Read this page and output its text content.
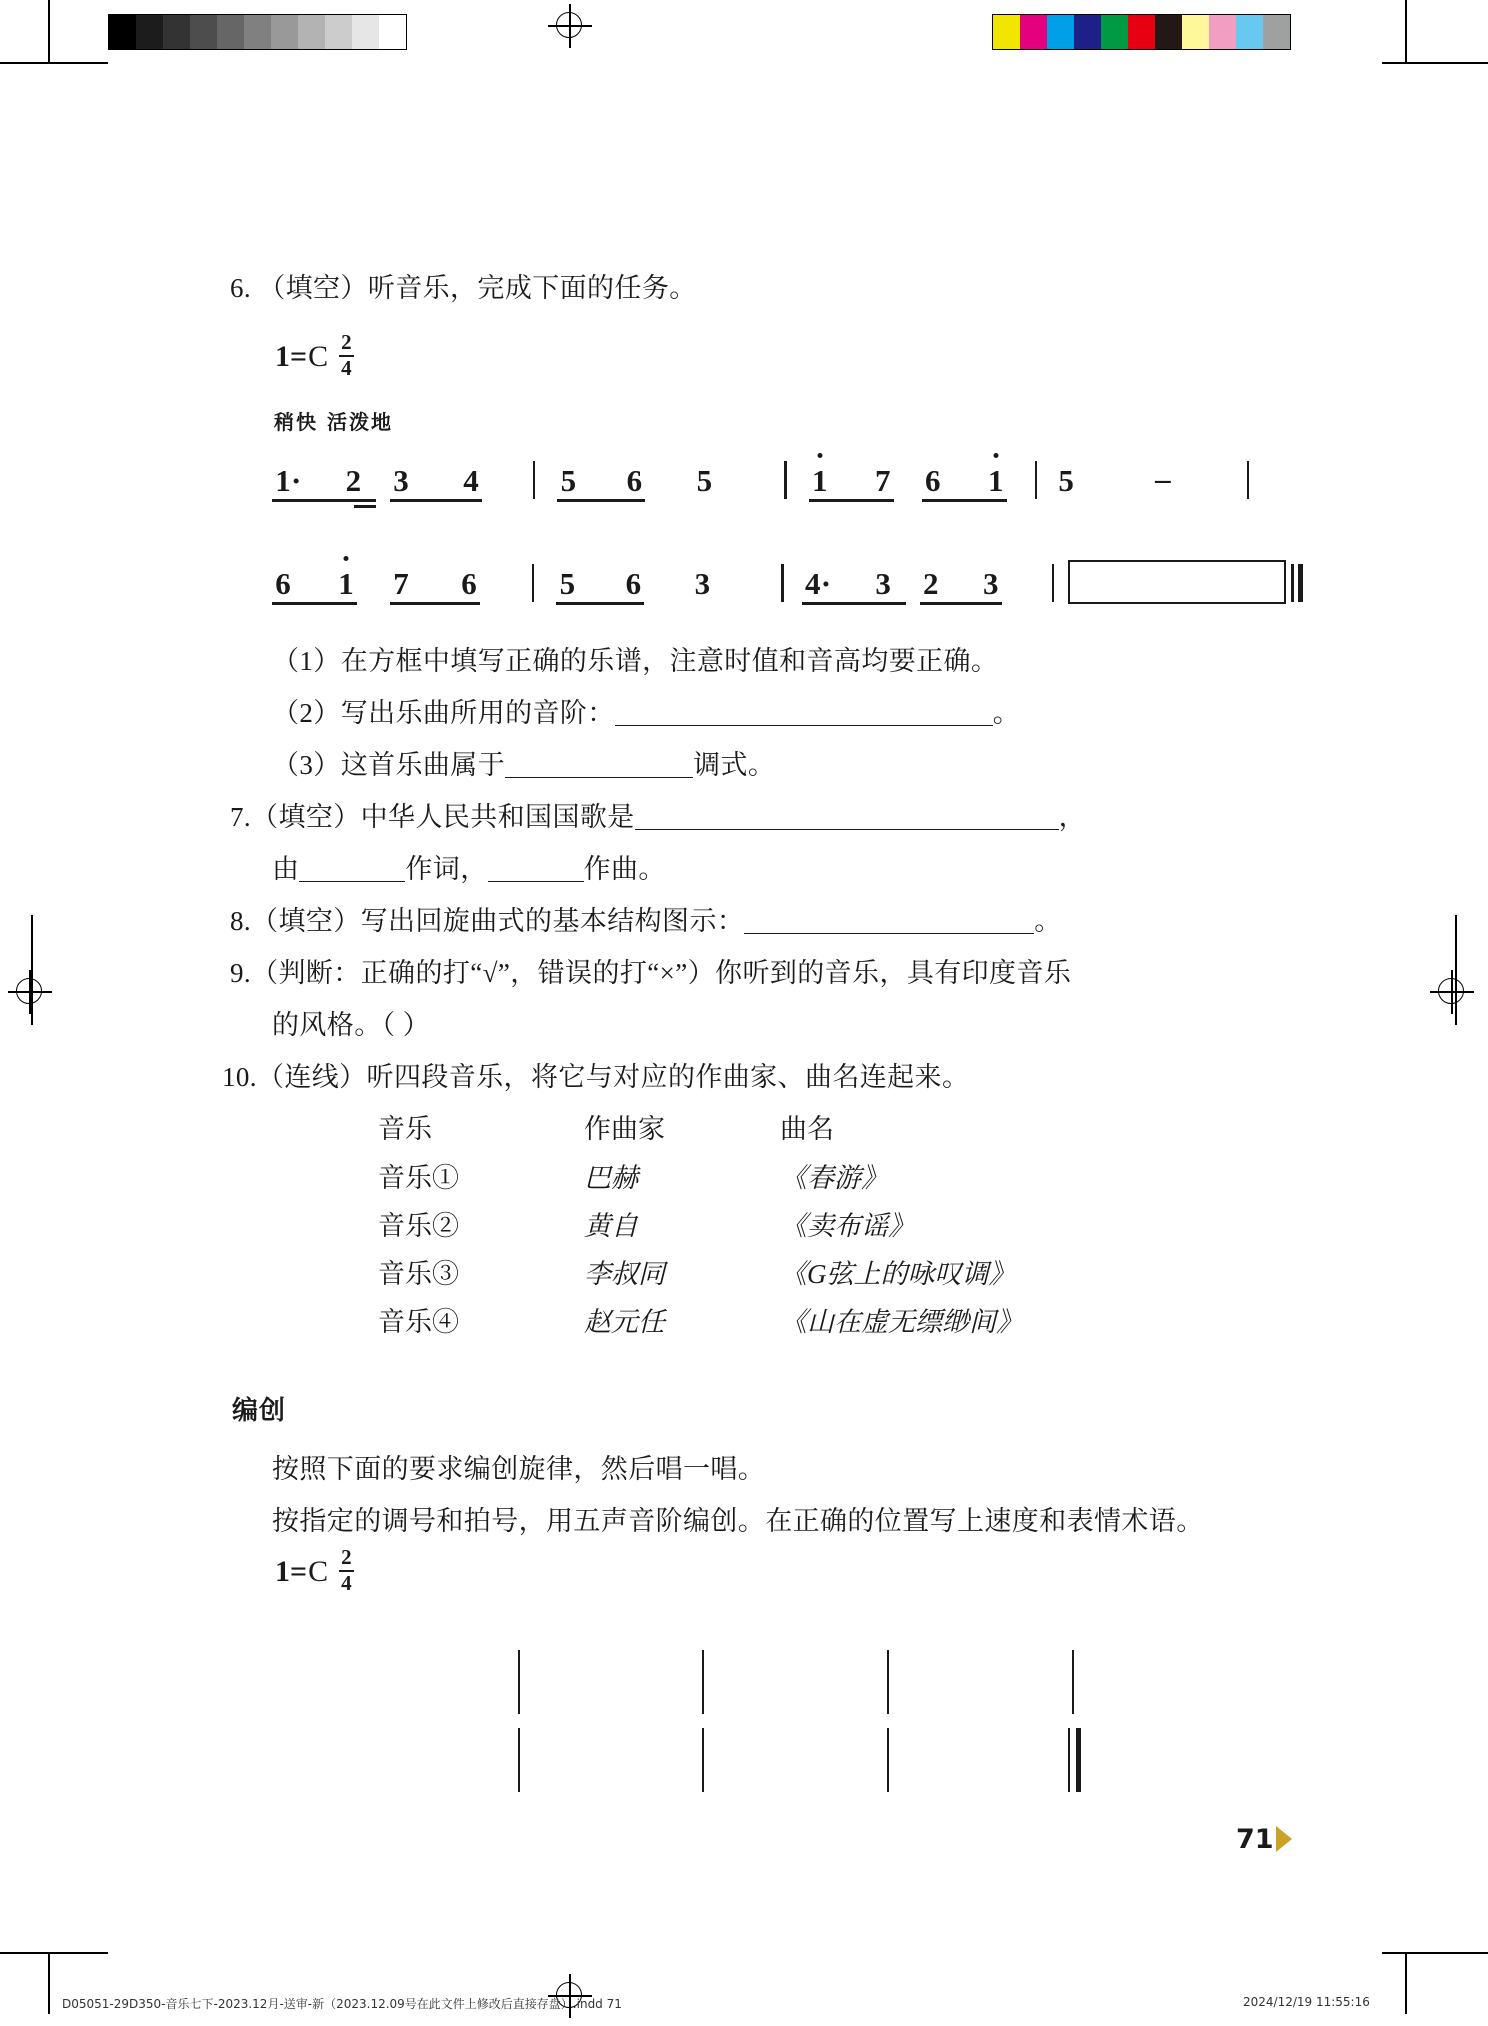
6. （填空）听音乐，完成下面的任务。
1 = C $\frac{2}{4}$
稍快 活泼地
1 · 2 3 4	5 6 5	1 7 6 1 5	–
6 1 7 6	5 6 3	4 · 3 2 3
（1）在方框中填写正确的乐谱，注意时值和音高均要正确。
（2）写出乐曲所用的音阶：	。
（3）这首乐曲属于	调式。
7.（填空）中华人民共和国国歌是	，
由	作词，	作曲。
8.（填空）写出回旋曲式的基本结构图示：	。
9.（判断：正确的打“√”，错误的打“×”）你听到的音乐，具有印度音乐
的风格。（ ）
10.（连线）听四段音乐，将它与对应的作曲家、曲名连起来。
音乐	作曲家	曲名
音乐①	巴赫	《春游》
音乐②	黄自	《卖布谣》
音乐③	李叔同	《G弦上的咏叹调》
音乐④	赵元任	《山在虚无缥缈间》
编创
按照下面的要求编创旋律，然后唱一唱。
按指定的调号和拍号，用五声音阶编创。在正确的位置写上速度和表情术语。
1 = C $\frac{2}{4}$
71
D05051-29D350-音乐七下-2023.12月-送审-新（2023.12.09号在此文件上修改后直接存盘）.indd 71	2024/12/19 11:55:16
